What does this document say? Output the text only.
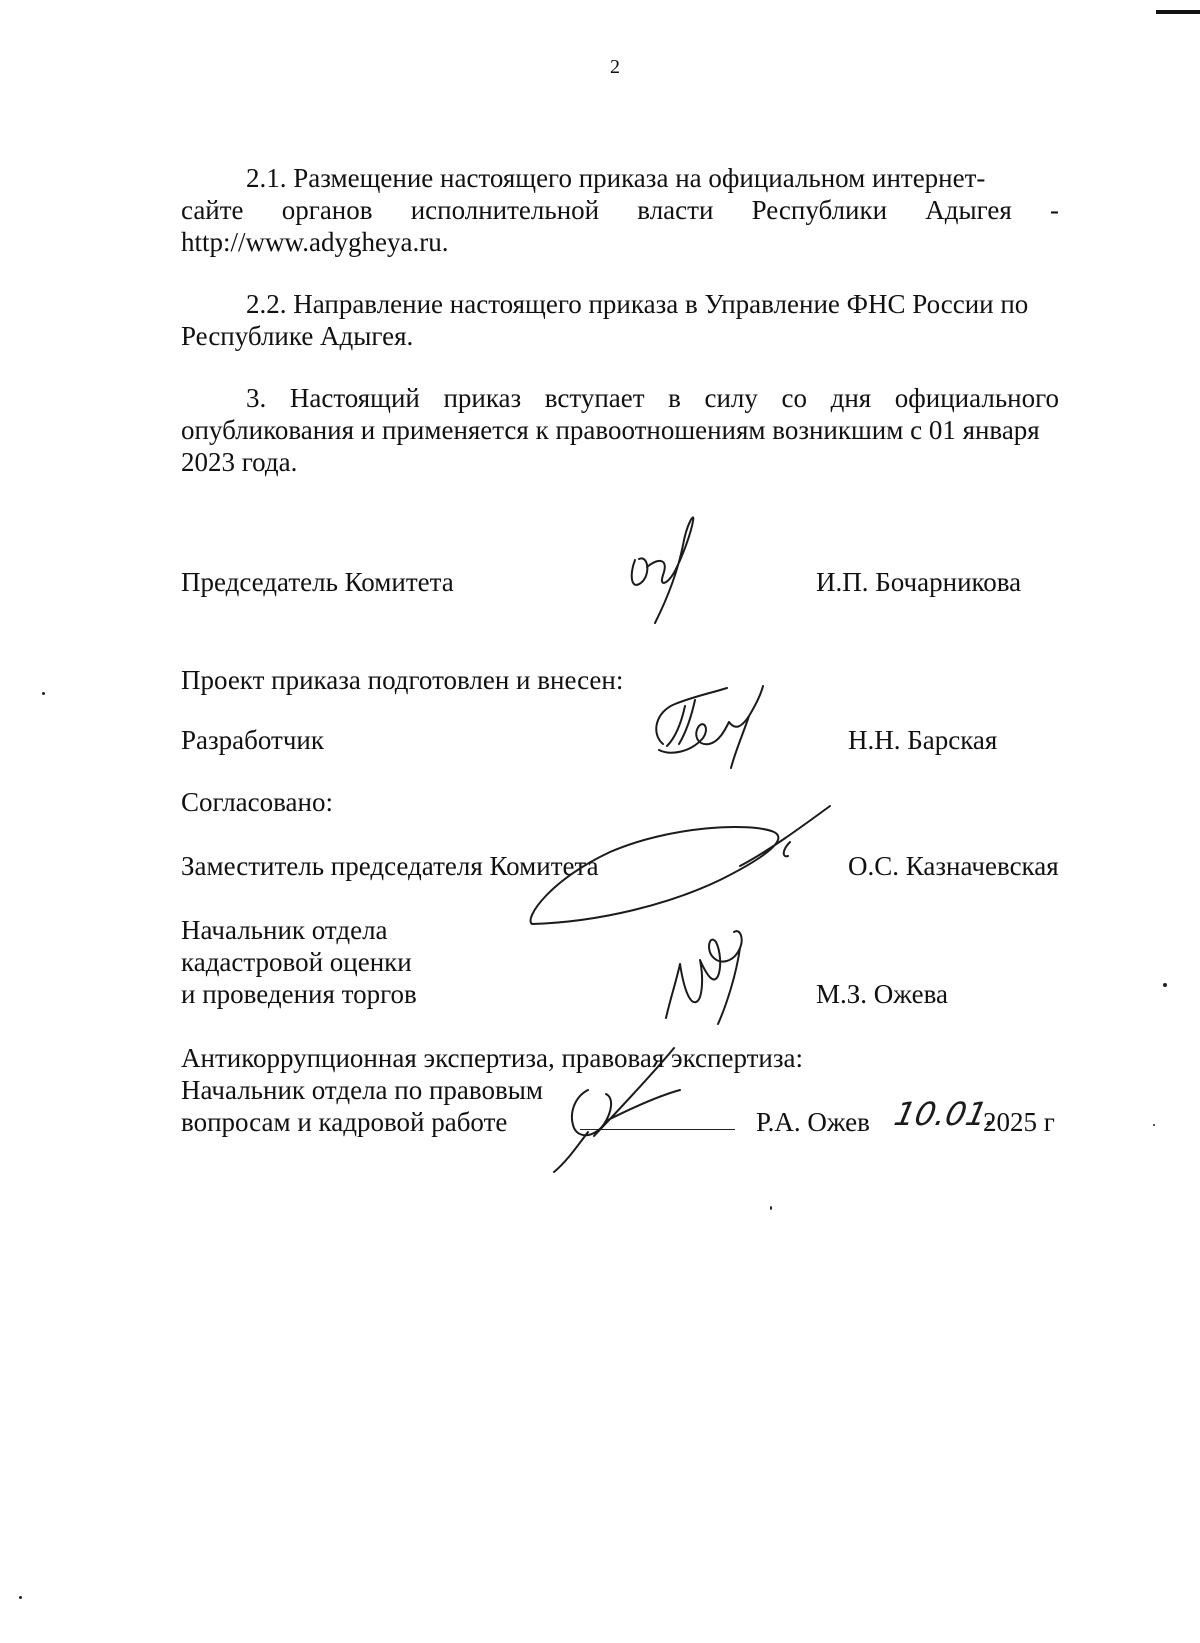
2
2.1. Размещение настоящего приказа на официальном интернет-
сайте органов исполнительной власти Республики Адыгея -
http://www.adygheya.ru.
2.2. Направление настоящего приказа в Управление ФНС России по
Республике Адыгея.
3. Настоящий приказ вступает в силу со дня официального
опубликования и применяется к правоотношениям возникшим с 01 января
2023 года.
Председатель Комитета	И.П. Бочарникова
Проект приказа подготовлен и внесен:
Разработчик	Н.Н. Барская
Согласовано:
Заместитель председателя Комитета	О.С. Казначевская
Начальник отдела
кадастровой оценки
и проведения торгов	М.З. Ожева
Антикоррупционная экспертиза, правовая экспертиза:
Начальник отдела по правовым
вопросам и кадровой работе	Р.А. Ожев 10.01.
2025 г
